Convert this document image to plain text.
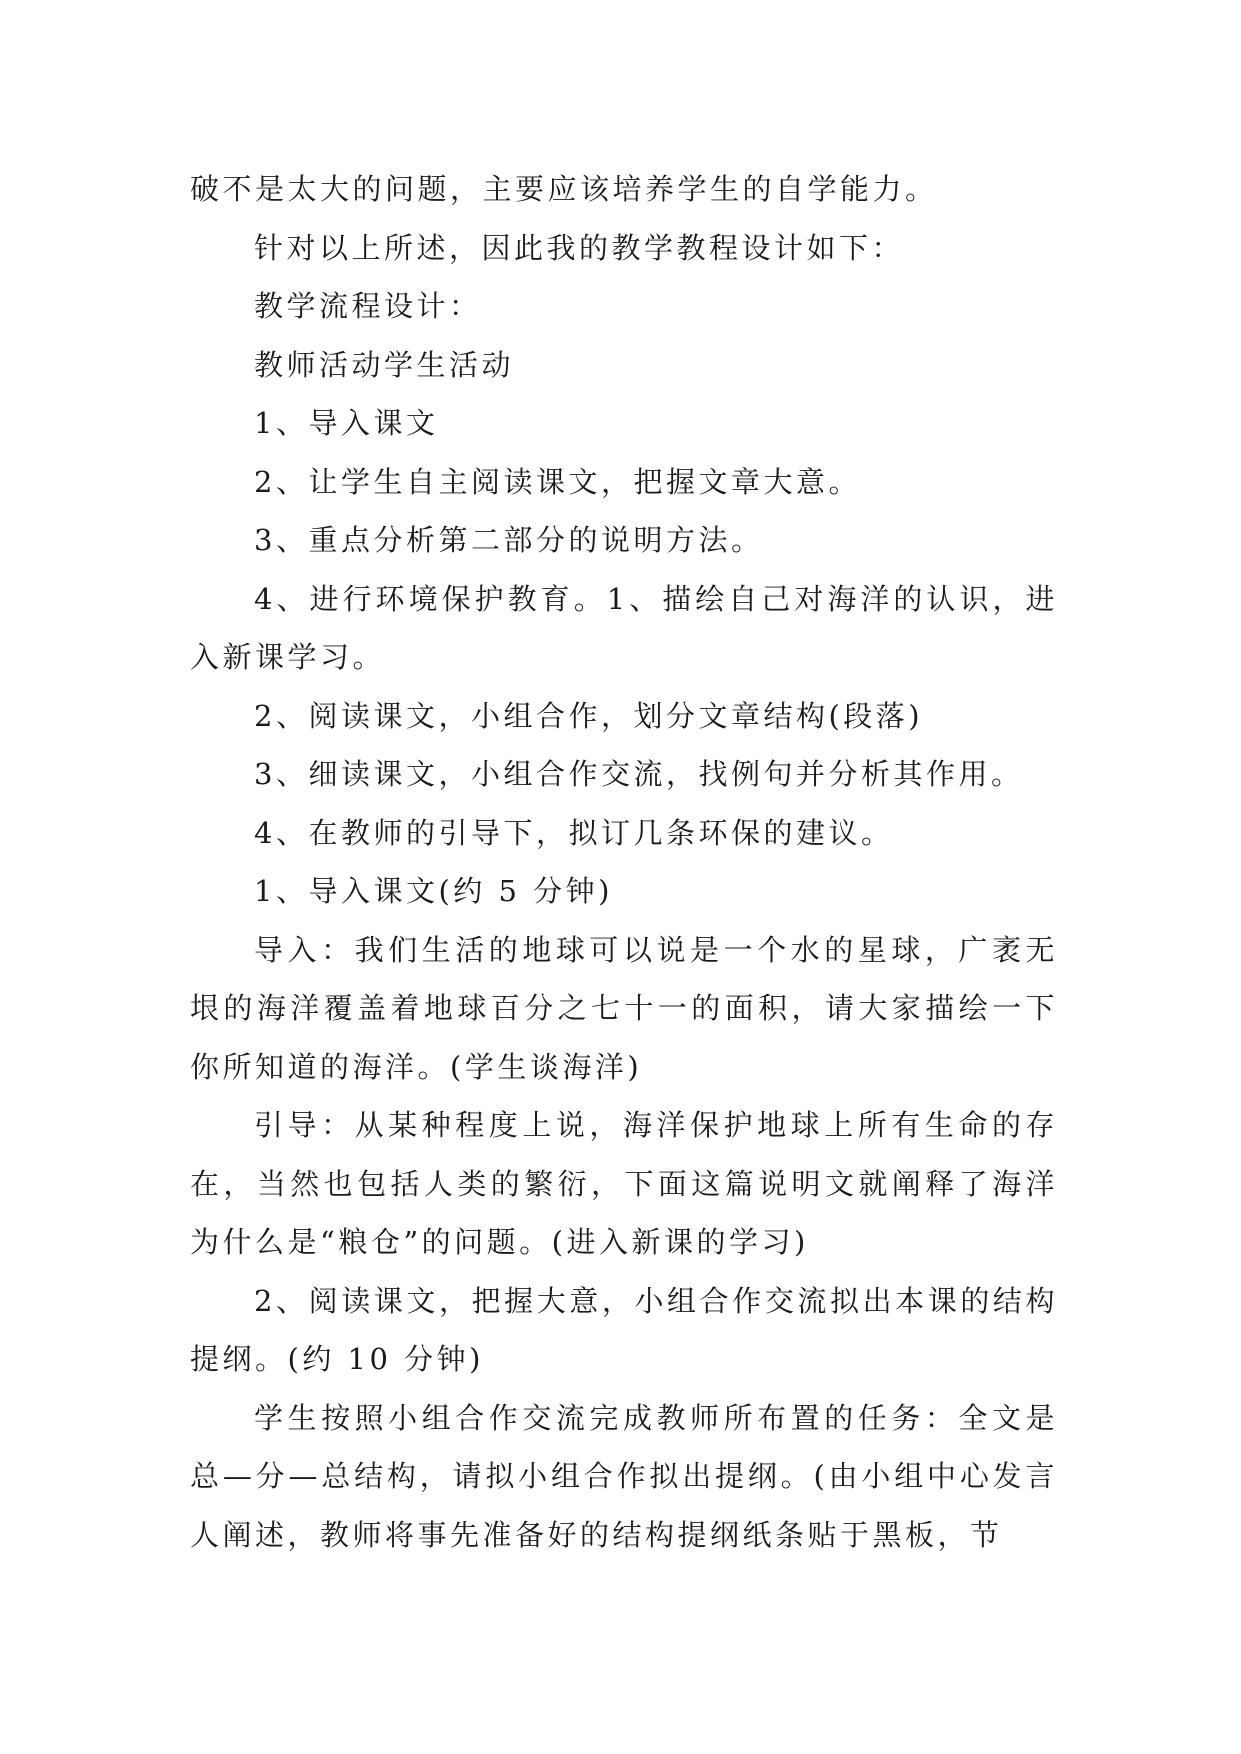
破不是太大的问题，主要应该培养学生的自学能力。

针对以上所述，因此我的教学教程设计如下：

教学流程设计：

教师活动学生活动

1、导入课文

2、让学生自主阅读课文，把握文章大意。

3、重点分析第二部分的说明方法。

4、进行环境保护教育。1、描绘自己对海洋的认识，进入新课学习。

2、阅读课文，小组合作，划分文章结构(段落)

3、细读课文，小组合作交流，找例句并分析其作用。

4、在教师的引导下，拟订几条环保的建议。

1、导入课文(约 5 分钟)

导入：我们生活的地球可以说是一个水的星球，广袤无垠的海洋覆盖着地球百分之七十一的面积，请大家描绘一下你所知道的海洋。(学生谈海洋)

引导：从某种程度上说，海洋保护地球上所有生命的存在，当然也包括人类的繁衍，下面这篇说明文就阐释了海洋为什么是“粮仓”的问题。(进入新课的学习)

2、阅读课文，把握大意，小组合作交流拟出本课的结构提纲。(约 10 分钟)

学生按照小组合作交流完成教师所布置的任务：全文是总—分—总结构，请拟小组合作拟出提纲。(由小组中心发言人阐述，教师将事先准备好的结构提纲纸条贴于黑板，节
